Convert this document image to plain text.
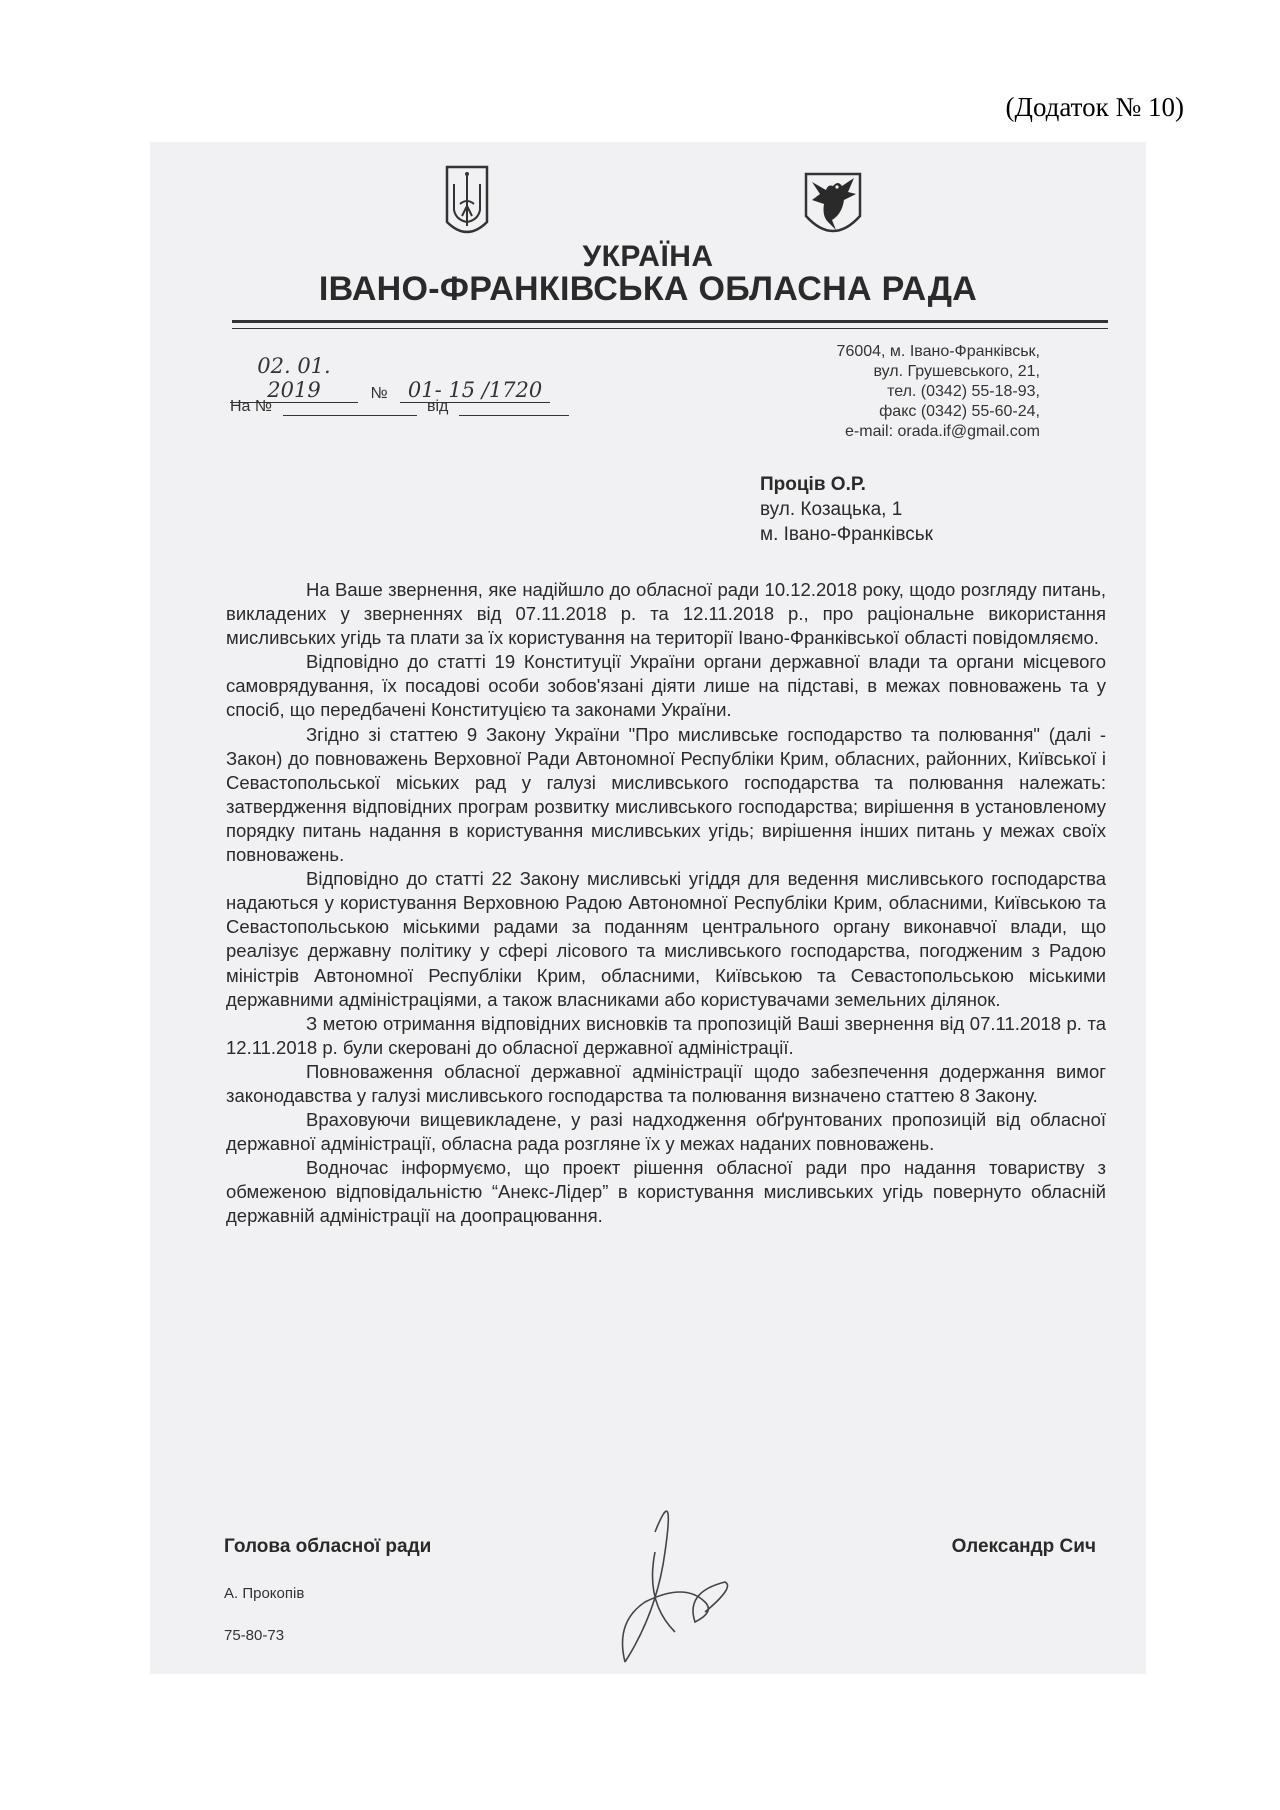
(Додаток № 10)
УКРАЇНА
ІВАНО-ФРАНКІВСЬКА ОБЛАСНА РАДА
02. 01. 2019	№ 01- 15 /1720
На №	від
76004, м. Івано-Франківськ,
вул. Грушевського, 21,
тел. (0342) 55-18-93,
факс (0342) 55-60-24,
e-mail: orada.if@gmail.com
Проців О.Р.
вул. Козацька, 1
м. Івано-Франківськ

На Ваше звернення, яке надійшло до обласної ради 10.12.2018 року, щодо розгляду питань, викладених у зверненнях від 07.11.2018 р. та 12.11.2018 р., про раціональне використання мисливських угідь та плати за їх користування на території Івано-Франківської області повідомляємо.

Відповідно до статті 19 Конституції України органи державної влади та органи місцевого самоврядування, їх посадові особи зобов'язані діяти лише на підставі, в межах повноважень та у спосіб, що передбачені Конституцією та законами України.

Згідно зі статтею 9 Закону України "Про мисливське господарство та полювання" (далі - Закон) до повноважень Верховної Ради Автономної Республіки Крим, обласних, районних, Київської і Севастопольської міських рад у галузі мисливського господарства та полювання належать: затвердження відповідних програм розвитку мисливського господарства; вирішення в установленому порядку питань надання в користування мисливських угідь; вирішення інших питань у межах своїх повноважень.

Відповідно до статті 22 Закону мисливські угіддя для ведення мисливського господарства надаються у користування Верховною Радою Автономної Республіки Крим, обласними, Київською та Севастопольською міськими радами за поданням центрального органу виконавчої влади, що реалізує державну політику у сфері лісового та мисливського господарства, погодженим з Радою міністрів Автономної Республіки Крим, обласними, Київською та Севастопольською міськими державними адміністраціями, а також власниками або користувачами земельних ділянок.

З метою отримання відповідних висновків та пропозицій Ваші звернення від 07.11.2018 р. та 12.11.2018 р. були скеровані до обласної державної адміністрації.

Повноваження обласної державної адміністрації щодо забезпечення додержання вимог законодавства у галузі мисливського господарства та полювання визначено статтею 8 Закону.

Враховуючи вищевикладене, у разі надходження обґрунтованих пропозицій від обласної державної адміністрації, обласна рада розгляне їх у межах наданих повноважень.

Водночас інформуємо, що проект рішення обласної ради про надання товариству з обмеженою відповідальністю “Анекс-Лідер” в користування мисливських угідь повернуто обласній державній адміністрації на доопрацювання.

Голова обласної ради	Олександр Сич
А. Прокопів
75-80-73
